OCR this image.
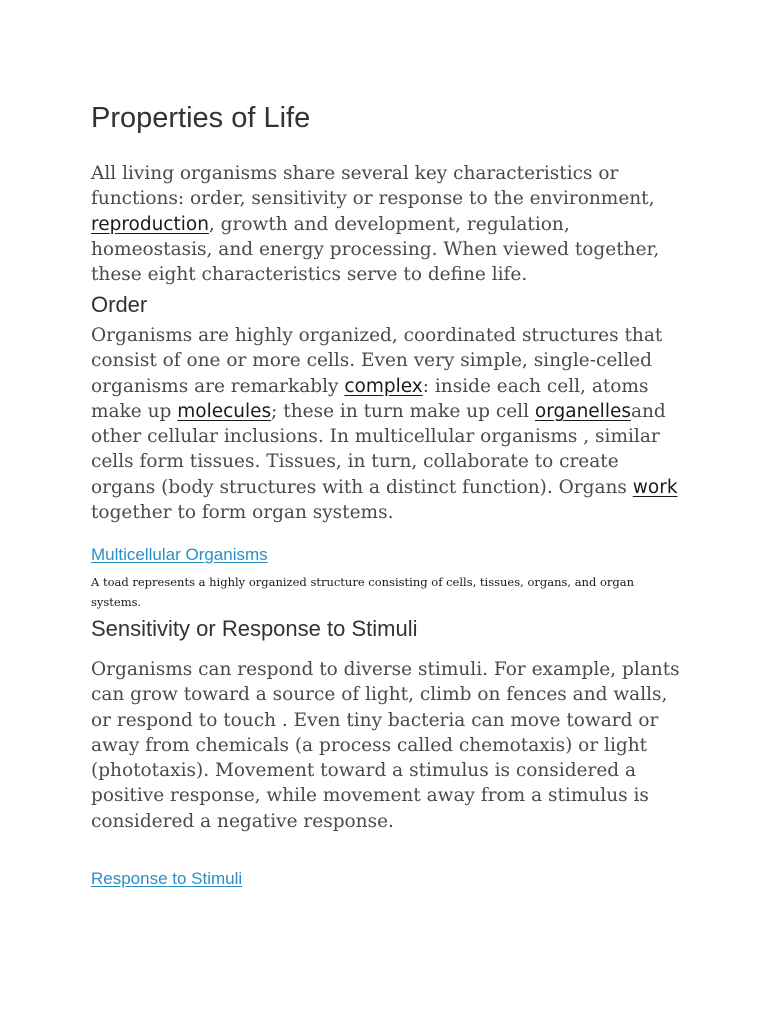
Properties of Life

All living organisms share several key characteristics or functions: order, sensitivity or response to the environment, reproduction, growth and development, regulation, homeostasis, and energy processing. When viewed together, these eight characteristics serve to define life.

Order

Organisms are highly organized, coordinated structures that consist of one or more cells. Even very simple, single-celled organisms are remarkably complex: inside each cell, atoms make up molecules; these in turn make up cell organellesand other cellular inclusions. In multicellular organisms , similar cells form tissues. Tissues, in turn, collaborate to create organs (body structures with a distinct function). Organs work together to form organ systems.

Multicellular Organisms

A toad represents a highly organized structure consisting of cells, tissues, organs, and organ systems.

Sensitivity or Response to Stimuli

Organisms can respond to diverse stimuli. For example, plants can grow toward a source of light, climb on fences and walls, or respond to touch . Even tiny bacteria can move toward or away from chemicals (a process called chemotaxis) or light (phototaxis). Movement toward a stimulus is considered a positive response, while movement away from a stimulus is considered a negative response.

Response to Stimuli
